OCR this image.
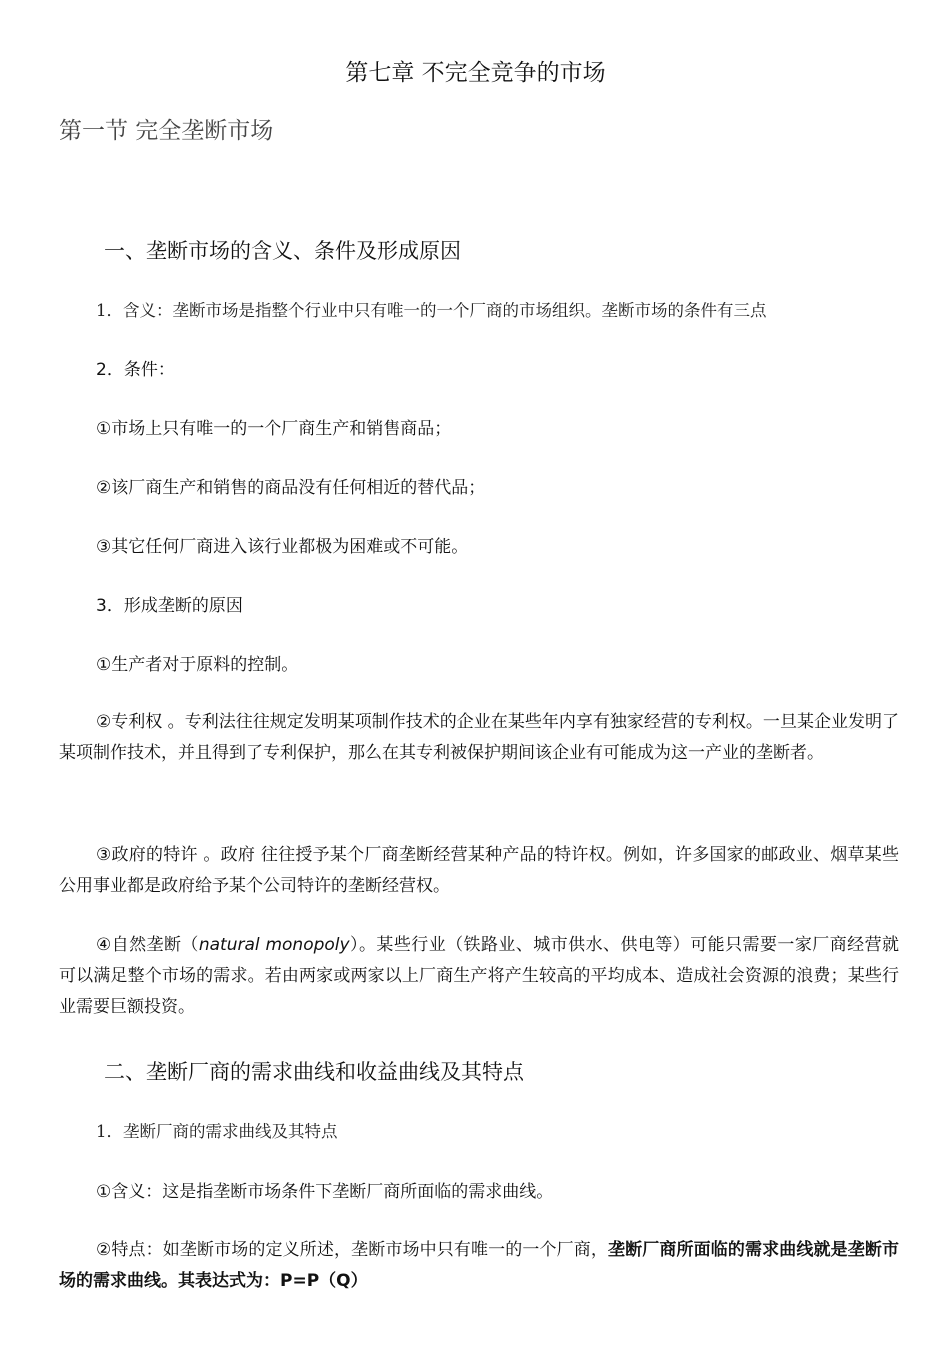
第七章 不完全竞争的市场
第一节 完全垄断市场
一、垄断市场的含义、条件及形成原因

1．含义：垄断市场是指整个行业中只有唯一的一个厂商的市场组织。垄断市场的条件有三点

2．条件：

①市场上只有唯一的一个厂商生产和销售商品；

②该厂商生产和销售的商品没有任何相近的替代品；

③其它任何厂商进入该行业都极为困难或不可能。

3．形成垄断的原因

①生产者对于原料的控制。

②专利权 。专利法往往规定发明某项制作技术的企业在某些年内享有独家经营的专利权。一旦某企业发明了某项制作技术，并且得到了专利保护，那么在其专利被保护期间该企业有可能成为这一产业的垄断者。

③政府的特许 。政府 往往授予某个厂商垄断经营某种产品的特许权。例如，许多国家的邮政业、烟草某些公用事业都是政府给予某个公司特许的垄断经营权。

④自然垄断（natural monopoly）。某些行业（铁路业、城市供水、供电等）可能只需要一家厂商经营就可以满足整个市场的需求。若由两家或两家以上厂商生产将产生较高的平均成本、造成社会资源的浪费；某些行业需要巨额投资。

二、垄断厂商的需求曲线和收益曲线及其特点

1．垄断厂商的需求曲线及其特点

①含义：这是指垄断市场条件下垄断厂商所面临的需求曲线。

②特点：如垄断市场的定义所述，垄断市场中只有唯一的一个厂商，垄断厂商所面临的需求曲线就是垄断市场的需求曲线。其表达式为：P=P（Q）
